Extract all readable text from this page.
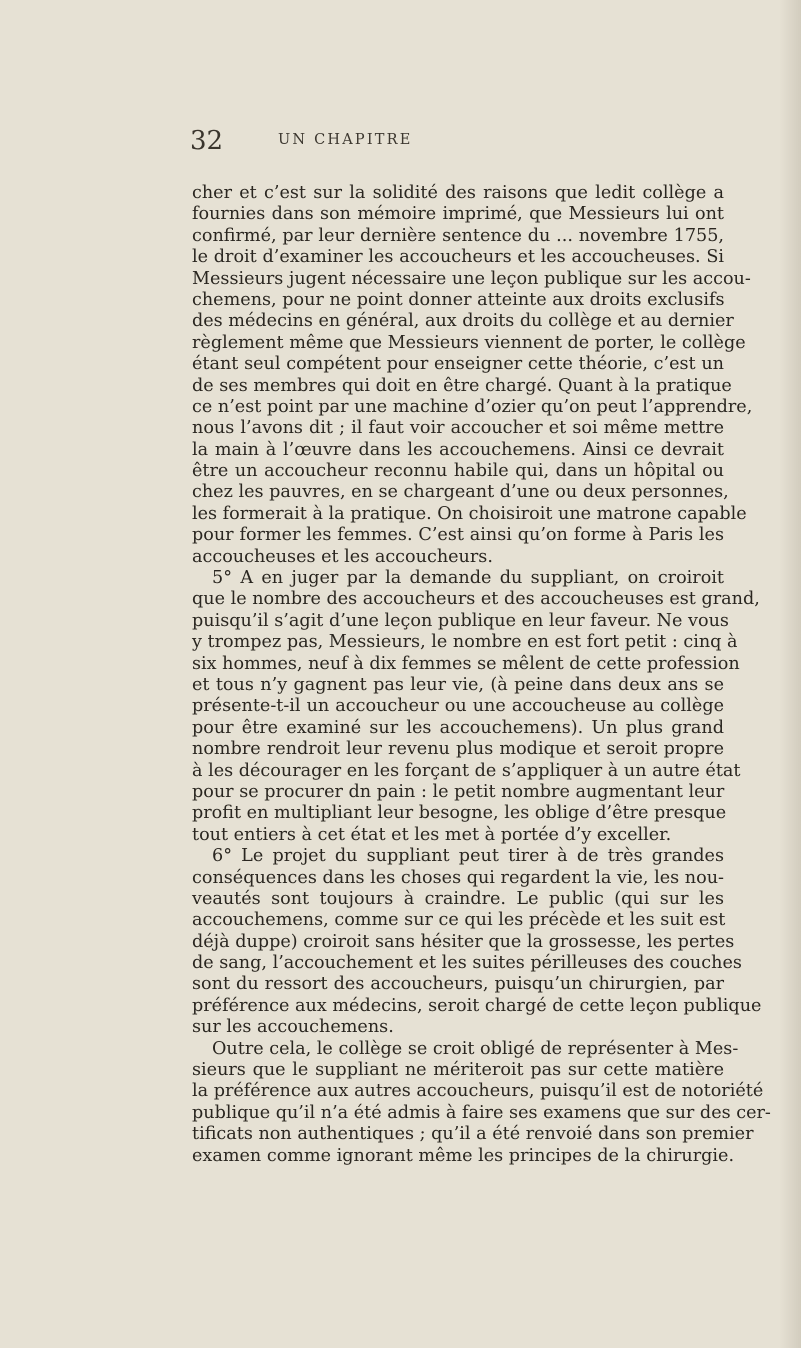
32	UN CHAPITRE
cher et c’est sur la solidité des raisons que ledit collège a
fournies dans son mémoire imprimé, que Messieurs lui ont
confirmé, par leur dernière sentence du ... novembre 1755,
le droit d’examiner les accoucheurs et les accoucheuses. Si
Messieurs jugent nécessaire une leçon publique sur les accou-
chemens, pour ne point donner atteinte aux droits exclusifs
des médecins en général, aux droits du collège et au dernier
règlement même que Messieurs viennent de porter, le collège
étant seul compétent pour enseigner cette théorie, c’est un
de ses membres qui doit en être chargé. Quant à la pratique
ce n’est point par une machine d’ozier qu’on peut l’apprendre,
nous l’avons dit ; il faut voir accoucher et soi même mettre
la main à l’œuvre dans les accouchemens. Ainsi ce devrait
être un accoucheur reconnu habile qui, dans un hôpital ou
chez les pauvres, en se chargeant d’une ou deux personnes,
les formerait à la pratique. On choisiroit une matrone capable
pour former les femmes. C’est ainsi qu’on forme à Paris les
accoucheuses et les accoucheurs.
5° A en juger par la demande du suppliant, on croiroit
que le nombre des accoucheurs et des accoucheuses est grand,
puisqu’il s’agit d’une leçon publique en leur faveur. Ne vous
y trompez pas, Messieurs, le nombre en est fort petit : cinq à
six hommes, neuf à dix femmes se mêlent de cette profession
et tous n’y gagnent pas leur vie, (à peine dans deux ans se
présente-t-il un accoucheur ou une accoucheuse au collège
pour être examiné sur les accouchemens). Un plus grand
nombre rendroit leur revenu plus modique et seroit propre
à les décourager en les forçant de s’appliquer à un autre état
pour se procurer dn pain : le petit nombre augmentant leur
profit en multipliant leur besogne, les oblige d’être presque
tout entiers à cet état et les met à portée d’y exceller.
6° Le projet du suppliant peut tirer à de très grandes
conséquences dans les choses qui regardent la vie, les nou-
veautés sont toujours à craindre. Le public (qui sur les
accouchemens, comme sur ce qui les précède et les suit est
déjà duppe) croiroit sans hésiter que la grossesse, les pertes
de sang, l’accouchement et les suites périlleuses des couches
sont du ressort des accoucheurs, puisqu’un chirurgien, par
préférence aux médecins, seroit chargé de cette leçon publique
sur les accouchemens.
Outre cela, le collège se croit obligé de représenter à Mes-
sieurs que le suppliant ne mériteroit pas sur cette matière
la préférence aux autres accoucheurs, puisqu’il est de notoriété
publique qu’il n’a été admis à faire ses examens que sur des cer-
tificats non authentiques ; qu’il a été renvoié dans son premier
examen comme ignorant même les principes de la chirurgie.
